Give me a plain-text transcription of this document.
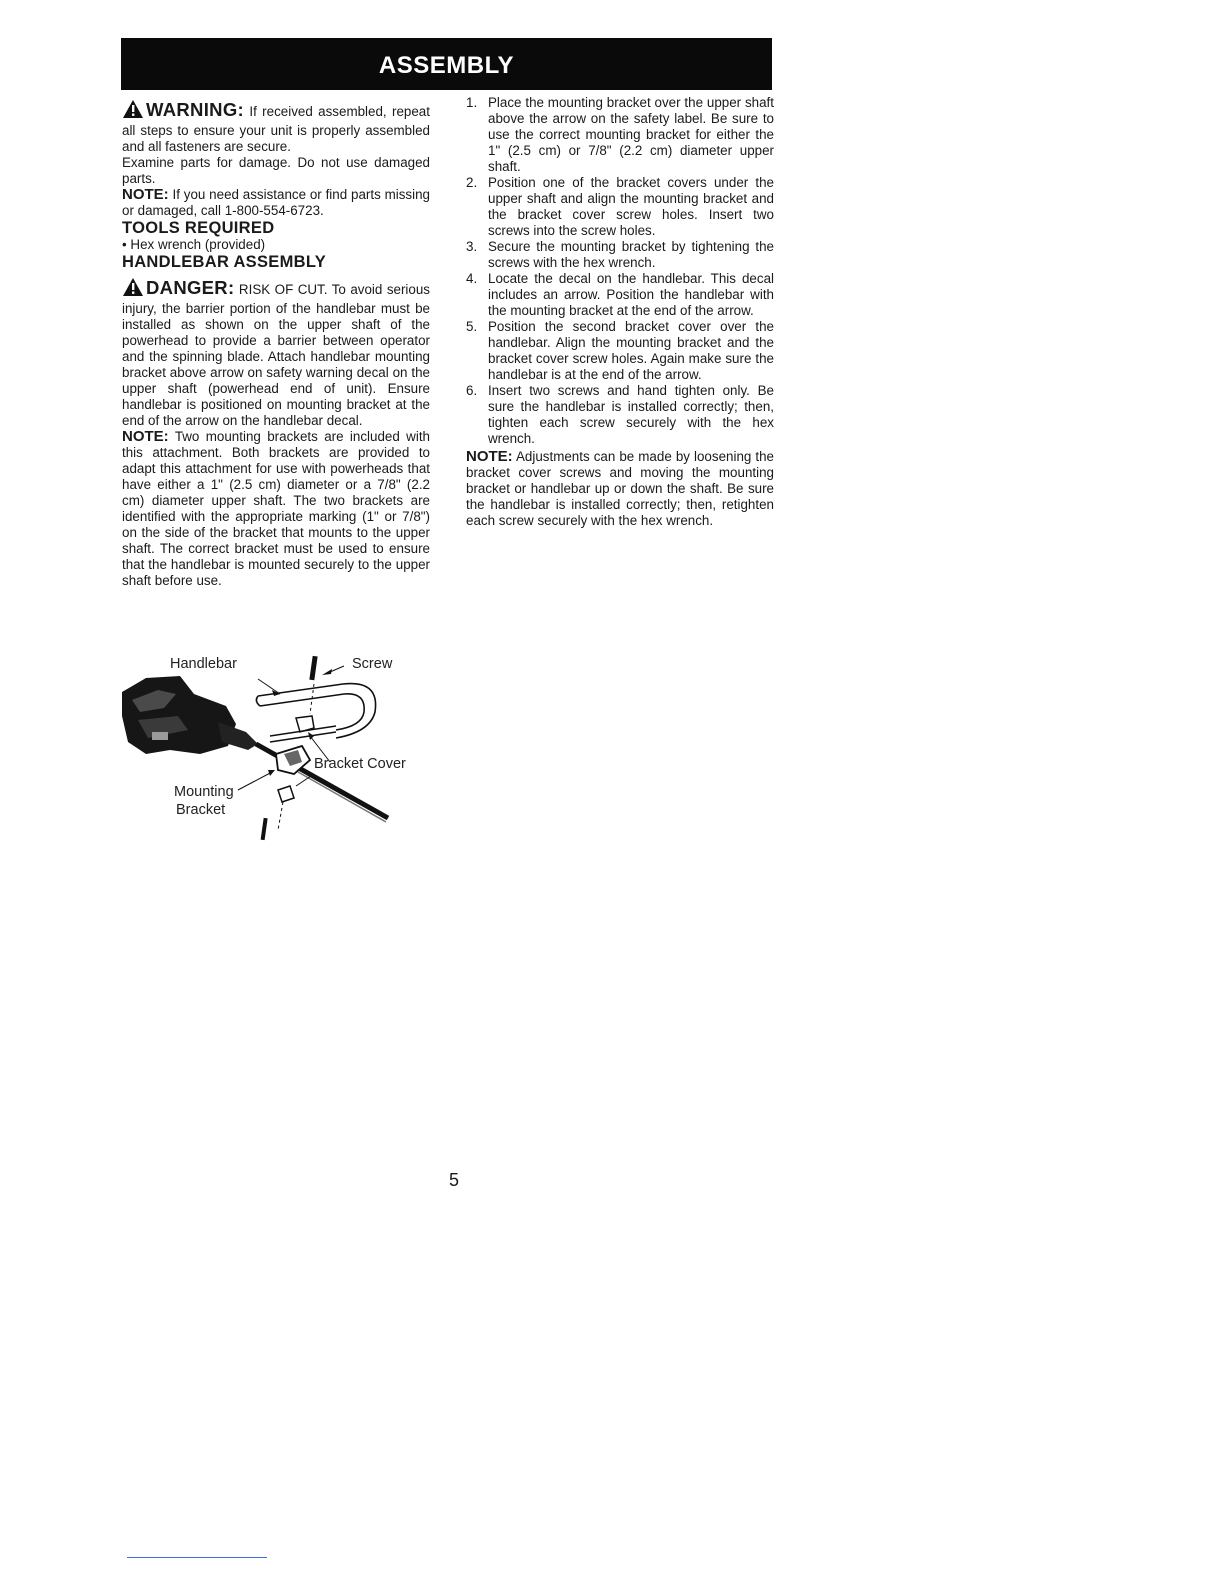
ASSEMBLY

WARNING: If received assembled, repeat all steps to ensure your unit is properly assembled and all fasteners are secure.

Examine parts for damage. Do not use damaged parts.

NOTE: If you need assistance or find parts missing or damaged, call 1-800-554-6723.

TOOLS REQUIRED

• Hex wrench (provided)

HANDLEBAR ASSEMBLY

DANGER: RISK OF CUT. To avoid serious injury, the barrier portion of the handlebar must be installed as shown on the upper shaft of the powerhead to provide a barrier between operator and the spinning blade. Attach handlebar mounting bracket above arrow on safety warning decal on the upper shaft (powerhead end of unit). Ensure handlebar is positioned on mounting bracket at the end of the arrow on the handlebar decal.

NOTE: Two mounting brackets are included with this attachment. Both brackets are provided to adapt this attachment for use with powerheads that have either a 1" (2.5 cm) diameter or a 7/8" (2.2 cm) diameter upper shaft. The two brackets are identified with the appropriate marking (1" or 7/8") on the side of the bracket that mounts to the upper shaft. The correct bracket must be used to ensure that the handlebar is mounted securely to the upper shaft before use.

Handlebar	Screw
Bracket Cover
Mounting
Bracket
1. Place the mounting bracket over the upper shaft above the arrow on the safety label. Be sure to use the correct mounting bracket for either the 1" (2.5 cm) or 7/8" (2.2 cm) diameter upper shaft.
2. Position one of the bracket covers under the upper shaft and align the mounting bracket and the bracket cover screw holes. Insert two screws into the screw holes.
3. Secure the mounting bracket by tightening the screws with the hex wrench.
4. Locate the decal on the handlebar. This decal includes an arrow. Position the handlebar with the mounting bracket at the end of the arrow.
5. Position the second bracket cover over the handlebar. Align the mounting bracket and the bracket cover screw holes. Again make sure the handlebar is at the end of the arrow.
6. Insert two screws and hand tighten only. Be sure the handlebar is installed correctly; then, tighten each screw securely with the hex wrench.

NOTE: Adjustments can be made by loosening the bracket cover screws and moving the mounting bracket or handlebar up or down the shaft. Be sure the handlebar is installed correctly; then, retighten each screw securely with the hex wrench.

5
